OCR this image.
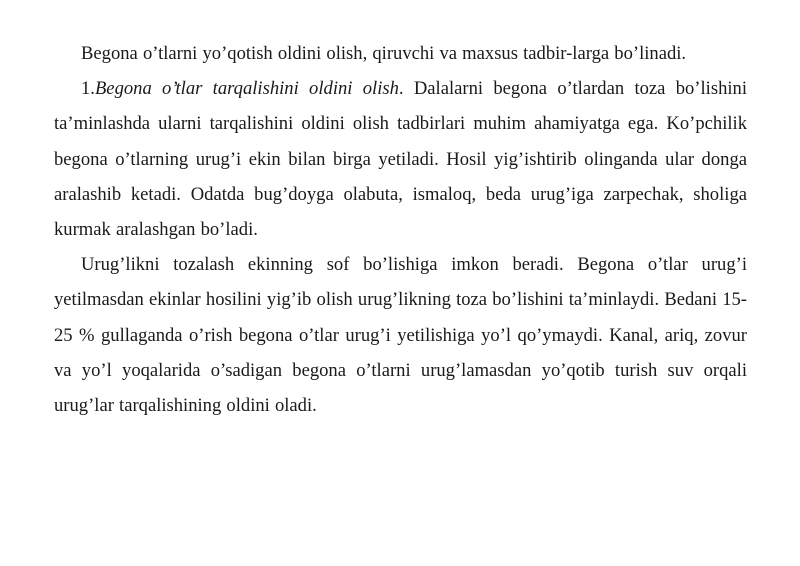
Begona o’tlarni yo’qotish oldini olish, qiruvchi va maxsus tadbir-larga bo’linadi.

1.Begona o’tlar tarqalishini oldini olish. Dalalarni begona o’tlardan toza bo’lishini ta’minlashda ularni tarqalishini oldini olish tadbirlari muhim ahamiyatga ega. Ko’pchilik begona o’tlarning urug’i ekin bilan birga yetiladi. Hosil yig’ishtirib olinganda ular donga aralashib ketadi. Odatda bug’doyga olabuta, ismaloq, beda urug’iga zarpechak, sholiga kurmak aralashgan bo’ladi.

Urug’likni tozalash ekinning sof bo’lishiga imkon beradi. Begona o’tlar urug’i yetilmasdan ekinlar hosilini yig’ib olish urug’likning toza bo’lishini ta’minlaydi. Bedani 15-25 % gullaganda o’rish begona o’tlar urug’i yetilishiga yo’l qo’ymaydi. Kanal, ariq, zovur va yo’l yoqalarida o’sadigan begona o’tlarni urug’lamasdan yo’qotib turish suv orqali urug’lar tarqalishining oldini oladi.
